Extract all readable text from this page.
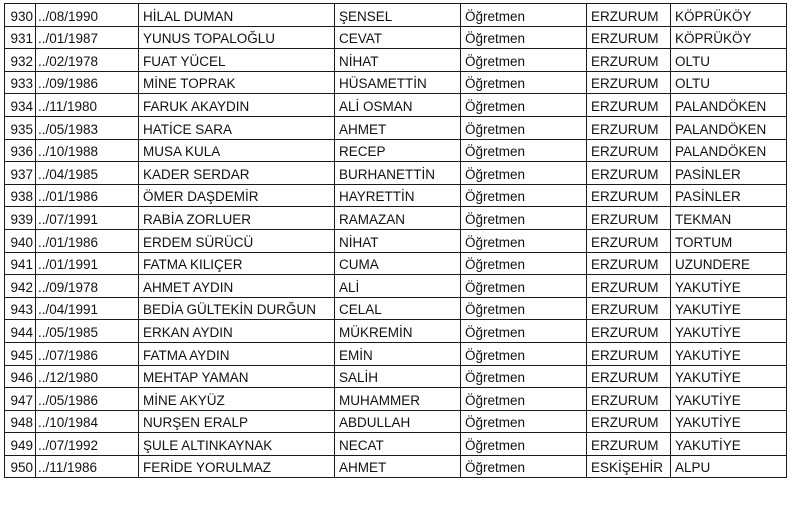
930	../08/1990	HİLAL DUMAN	ŞENSEL	Öğretmen	ERZURUM	KÖPRÜKÖY
931	../01/1987	YUNUS TOPALOĞLU	CEVAT	Öğretmen	ERZURUM	KÖPRÜKÖY
932	../02/1978	FUAT YÜCEL	NİHAT	Öğretmen	ERZURUM	OLTU
933	../09/1986	MİNE TOPRAK	HÜSAMETTİN	Öğretmen	ERZURUM	OLTU
934	../11/1980	FARUK AKAYDIN	ALİ OSMAN	Öğretmen	ERZURUM	PALANDÖKEN
935	../05/1983	HATİCE SARA	AHMET	Öğretmen	ERZURUM	PALANDÖKEN
936	../10/1988	MUSA KULA	RECEP	Öğretmen	ERZURUM	PALANDÖKEN
937	../04/1985	KADER SERDAR	BURHANETTİN	Öğretmen	ERZURUM	PASİNLER
938	../01/1986	ÖMER DAŞDEMİR	HAYRETTİN	Öğretmen	ERZURUM	PASİNLER
939	../07/1991	RABİA ZORLUER	RAMAZAN	Öğretmen	ERZURUM	TEKMAN
940	../01/1986	ERDEM SÜRÜCÜ	NİHAT	Öğretmen	ERZURUM	TORTUM
941	../01/1991	FATMA KILIÇER	CUMA	Öğretmen	ERZURUM	UZUNDERE
942	../09/1978	AHMET AYDIN	ALİ	Öğretmen	ERZURUM	YAKUTİYE
943	../04/1991	BEDİA GÜLTEKİN DURĞUN	CELAL	Öğretmen	ERZURUM	YAKUTİYE
944	../05/1985	ERKAN AYDIN	MÜKREMİN	Öğretmen	ERZURUM	YAKUTİYE
945	../07/1986	FATMA AYDIN	EMİN	Öğretmen	ERZURUM	YAKUTİYE
946	../12/1980	MEHTAP YAMAN	SALİH	Öğretmen	ERZURUM	YAKUTİYE
947	../05/1986	MİNE AKYÜZ	MUHAMMER	Öğretmen	ERZURUM	YAKUTİYE
948	../10/1984	NURŞEN ERALP	ABDULLAH	Öğretmen	ERZURUM	YAKUTİYE
949	../07/1992	ŞULE ALTINKAYNAK	NECAT	Öğretmen	ERZURUM	YAKUTİYE
950	../11/1986	FERİDE YORULMAZ	AHMET	Öğretmen	ESKİŞEHİR	ALPU
